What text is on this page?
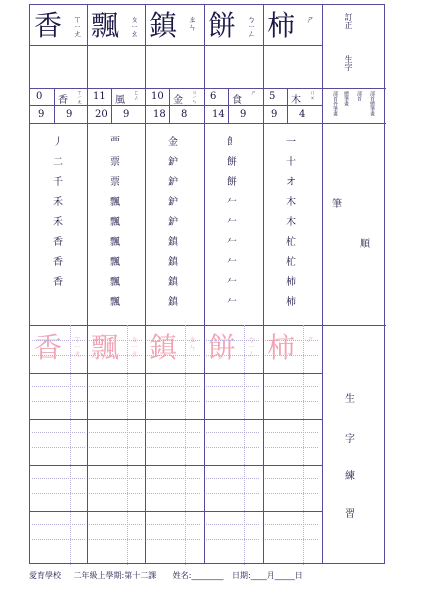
香 ㄒㄧㄤ
0 香 ㄒㄧㄤ
9 9
丿
二
千
禾
禾
香
香
香
香 ㄒㄧㄤ
飄 ㄆㄧㄠ
11 風 ㄈㄥ
20 9
覀
票
票
飄
飄
飄
飄
飄
飄
飄 ㄆㄧㄠ
鎮 ㄓㄣ
10 金 ㄐㄧㄣ
18 8
金
鈩
鈩
鈩
鈩
鎮
鎮
鎮
鎮
鎮 ㄓㄣ
餅 ㄅㄧㄥ
6 食
ㄕ
14 9
飠
餅
餅
𠂉
𠂉
𠂉
𠂉
𠂉
𠂉
餅 ㄅㄧㄥ
柿 ㄕ
5 木 ㄇㄨ
9 4
一
十
オ
木
木
杧
杧
柿
柿
柿 ㄕ
訂正
生字
部首外筆畫 總筆畫 部首 部首總筆畫
筆
順
生
字
練
習
愛育學校 二年級上學期:第十二課 姓名:________ 日期:____月_____日
